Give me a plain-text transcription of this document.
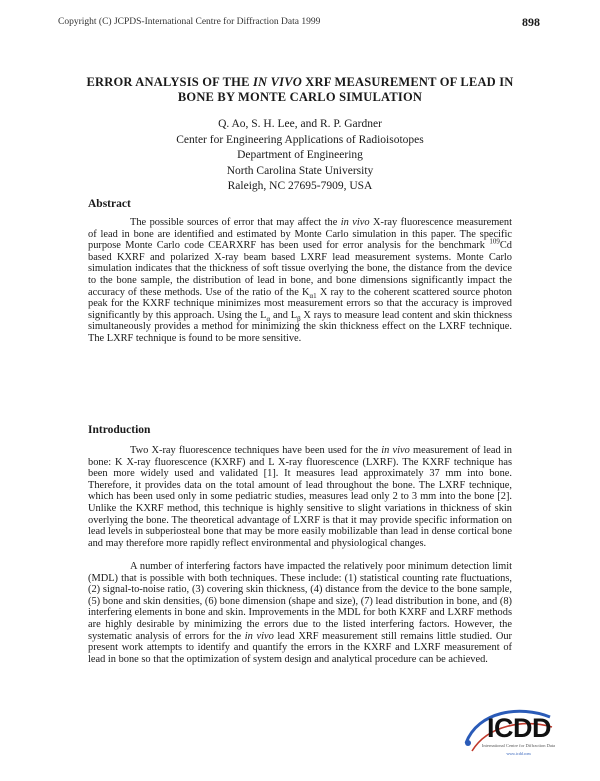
Copyright (C) JCPDS-International Centre for Diffraction Data 1999	898
ERROR ANALYSIS OF THE IN VIVO XRF MEASUREMENT OF LEAD IN
BONE BY MONTE CARLO SIMULATION
Q. Ao, S. H. Lee, and R. P. Gardner
Center for Engineering Applications of Radioisotopes
Department of Engineering
North Carolina State University
Raleigh, NC 27695-7909, USA
Abstract

The possible sources of error that may affect the in vivo X-ray fluorescence measurement of lead in bone are identified and estimated by Monte Carlo simulation in this paper. The specific purpose Monte Carlo code CEARXRF has been used for error analysis for the benchmark $^{109}$Cd based KXRF and polarized X-ray beam based LXRF lead measurement systems. Monte Carlo simulation indicates that the thickness of soft tissue overlying the bone, the distance from the device to the bone sample, the distribution of lead in bone, and bone dimensions significantly impact the accuracy of these methods. Use of the ratio of the $K_{\alpha 1}$ X ray to the coherent scattered source photon peak for the KXRF technique minimizes most measurement errors so that the accuracy is improved significantly by this approach. Using the $L_\alpha$ and $L_\beta$ X rays to measure lead content and skin thickness simultaneously provides a method for minimizing the skin thickness effect on the LXRF technique. The LXRF technique is found to be more sensitive.

Introduction

Two X-ray fluorescence techniques have been used for the in vivo measurement of lead in bone: K X-ray fluorescence (KXRF) and L X-ray fluorescence (LXRF). The KXRF technique has been more widely used and validated [1]. It measures lead approximately 37 mm into bone. Therefore, it provides data on the total amount of lead throughout the bone. The LXRF technique, which has been used only in some pediatric studies, measures lead only 2 to 3 mm into the bone [2]. Unlike the KXRF method, this technique is highly sensitive to slight variations in thickness of skin overlying the bone. The theoretical advantage of LXRF is that it may provide specific information on lead levels in subperiosteal bone that may be more easily mobilizable than lead in dense cortical bone and may therefore more rapidly reflect environmental and physiological changes.

A number of interfering factors have impacted the relatively poor minimum detection limit (MDL) that is possible with both techniques. These include: (1) statistical counting rate fluctuations, (2) signal-to-noise ratio, (3) covering skin thickness, (4) distance from the device to the bone sample, (5) bone and skin densities, (6) bone dimension (shape and size), (7) lead distribution in bone, and (8) interfering elements in bone and skin. Improvements in the MDL for both KXRF and LXRF methods are highly desirable by minimizing the errors due to the listed interfering factors. However, the systematic analysis of errors for the in vivo lead XRF measurement still remains little studied. Our present work attempts to identify and quantify the errors in the KXRF and LXRF measurement of lead in bone so that the optimization of system design and analytical procedure can be achieved.

ICDD
International Centre for Diffraction Data
www.icdd.com
